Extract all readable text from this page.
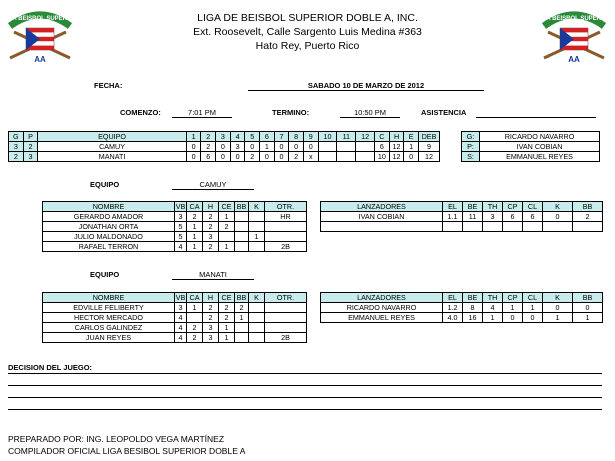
LIGA BEISBOL SUPERIOR
AA
LIGA BEISBOL SUPERIOR
AA
LIGA DE BEISBOL SUPERIOR DOBLE A, INC.
Ext. Roosevelt, Calle Sargento Luis Medina #363
Hato Rey, Puerto Rico
FECHA:	SABADO 10 DE MARZO DE 2012
COMENZO:	7:01 PM	TERMINO:	10:50 PM	ASISTENCIA
G	P	EQUIPO	1	2	3	4	5	6	7	8	9	10	11	12	C	H	E	DEB
3	2	CAMUY	0	2	0	3	0	1	0	0	0				6	12	1	9
2	3	MANATI	0	6	0	0	2	0	0	2	x				10	12	0	12
G:	RICARDO NAVARRO
P:	IVAN COBIAN
S:	EMMANUEL REYES
EQUIPO	CAMUY
NOMBRE	VB	CA	H	CE	BB	K	OTR.
GERARDO AMADOR	3	2	2	1			HR
JONATHAN ORTA	5	1	2	2			
JULIO MALDONADO	5	1	3			1	
RAFAEL TERRON	4	1	2	1			2B
LANZADORES	EL	BE	TH	CP	CL	K	BB
IVAN COBIAN	1.1	11	3	6	6	0	2

EQUIPO	MANATI
NOMBRE	VB	CA	H	CE	BB	K	OTR.
EDVILLE FELIBERTY	3	1	2	2	2		
HECTOR MERCADO	4		2	2	1		
CARLOS GALINDEZ	4	2	3	1			
JUAN REYES	4	2	3	1			2B
LANZADORES	EL	BE	TH	CP	CL	K	BB
RICARDO NAVARRO	1.2	8	4	1	1	0	0
EMMANUEL REYES	4.0	16	1	0	0	1	1
DECISION DEL JUEGO:
PREPARADO POR: ING. LEOPOLDO VEGA MARTÍNEZ
COMPILADOR OFICIAL LIGA BESIBOL SUPERIOR DOBLE A
